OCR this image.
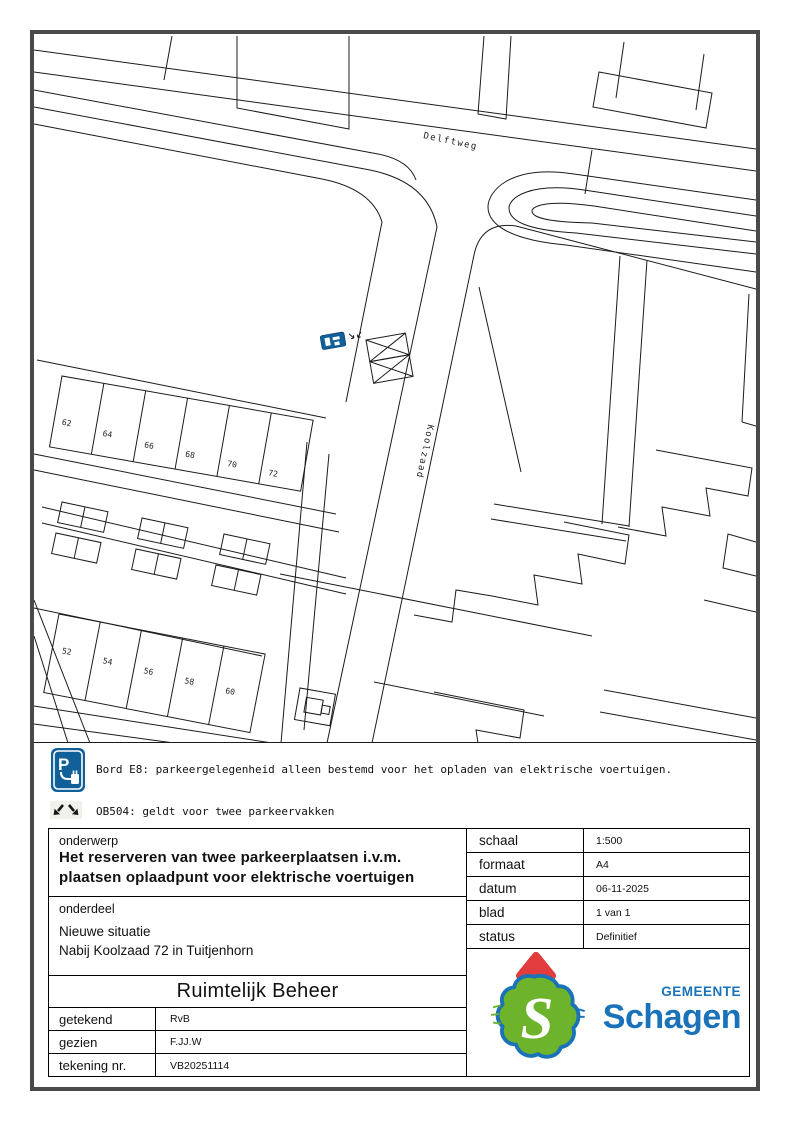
62
64
66
68
70
72
52
54
56
58
60
Delftweg
Koolzaad
P Bord E8: parkeergelegenheid alleen bestemd voor het opladen van elektrische voertuigen.
OB504: geldt voor twee parkeervakken
onderwerp
Het reserveren van twee parkeerplaatsen i.v.m.
plaatsen oplaadpunt voor elektrische voertuigen
onderdeel
Nieuwe situatie
Nabij Koolzaad 72 in Tuitjenhorn
Ruimtelijk Beheer
getekend	RvB
gezien	F.JJ.W
tekening nr.	VB20251114
schaal	1:500
formaat	A4
datum	06-11-2025
blad	1 van 1
status	Definitief
S	GEMEENTE
Schagen
